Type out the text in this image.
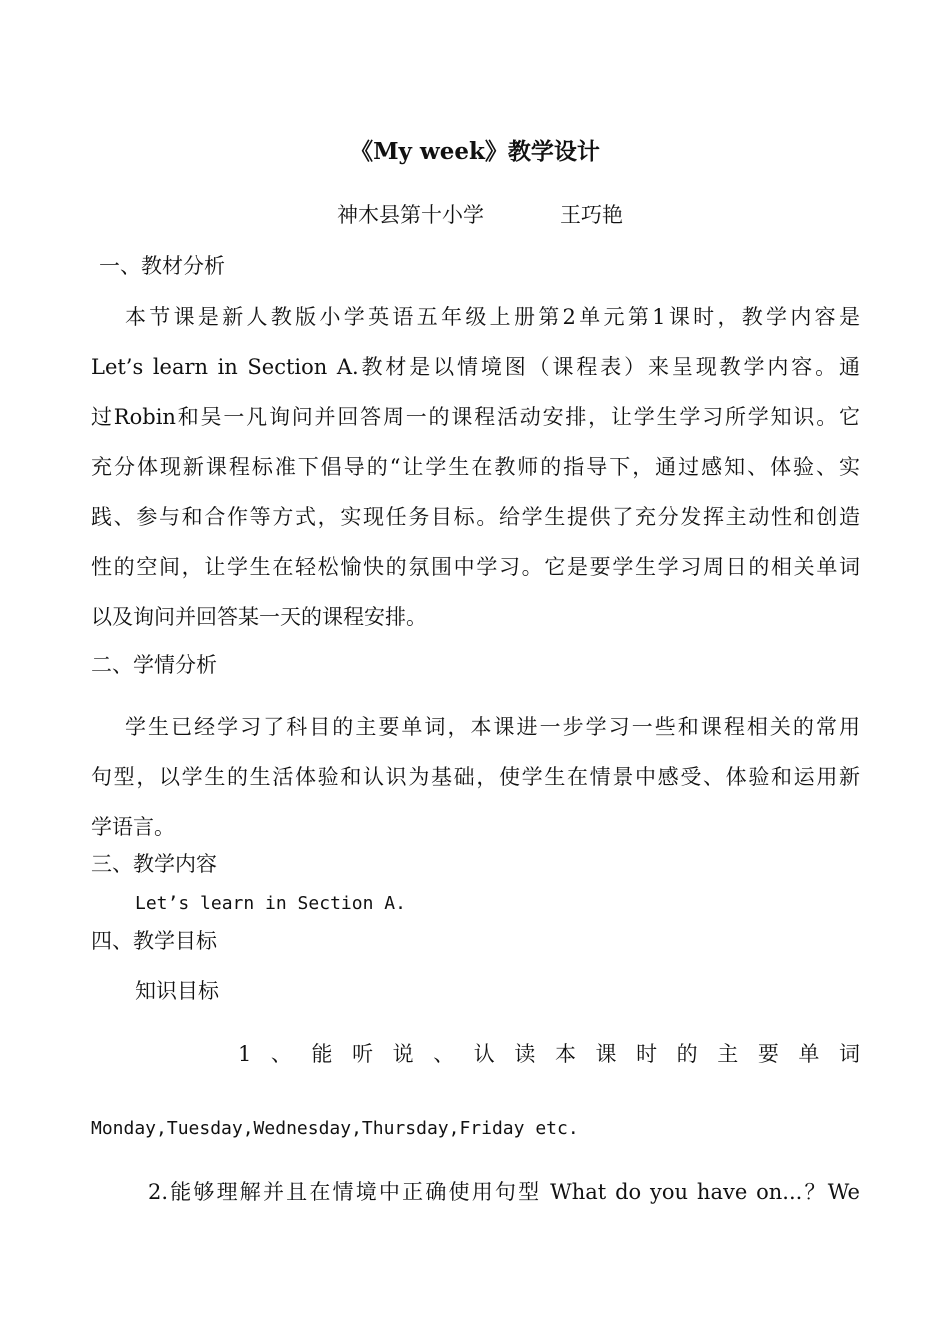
《My week》教学设计
神木县第十小学	王巧艳
一、教材分析
本节课是新人教版小学英语五年级上册第2单元第1课时，教学内容是
Let’s learn in Section A.教材是以情境图（课程表）来呈现教学内容。通
过Robin和吴一凡询问并回答周一的课程活动安排，让学生学习所学知识。它
充分体现新课程标准下倡导的“让学生在教师的指导下，通过感知、体验、实
践、参与和合作等方式，实现任务目标。给学生提供了充分发挥主动性和创造
性的空间，让学生在轻松愉快的氛围中学习。它是要学生学习周日的相关单词
以及询问并回答某一天的课程安排。
二、学情分析
学生已经学习了科目的主要单词，本课进一步学习一些和课程相关的常用
句型，以学生的生活体验和认识为基础，使学生在情景中感受、体验和运用新
学语言。
三、教学内容
Let’s learn in Section A.
四、教学目标
知识目标
1、能听说、认读本课时的主要单词
Monday,Tuesday,Wednesday,Thursday,Friday etc.
2.能够理解并且在情境中正确使用句型 What do you have on...？We
